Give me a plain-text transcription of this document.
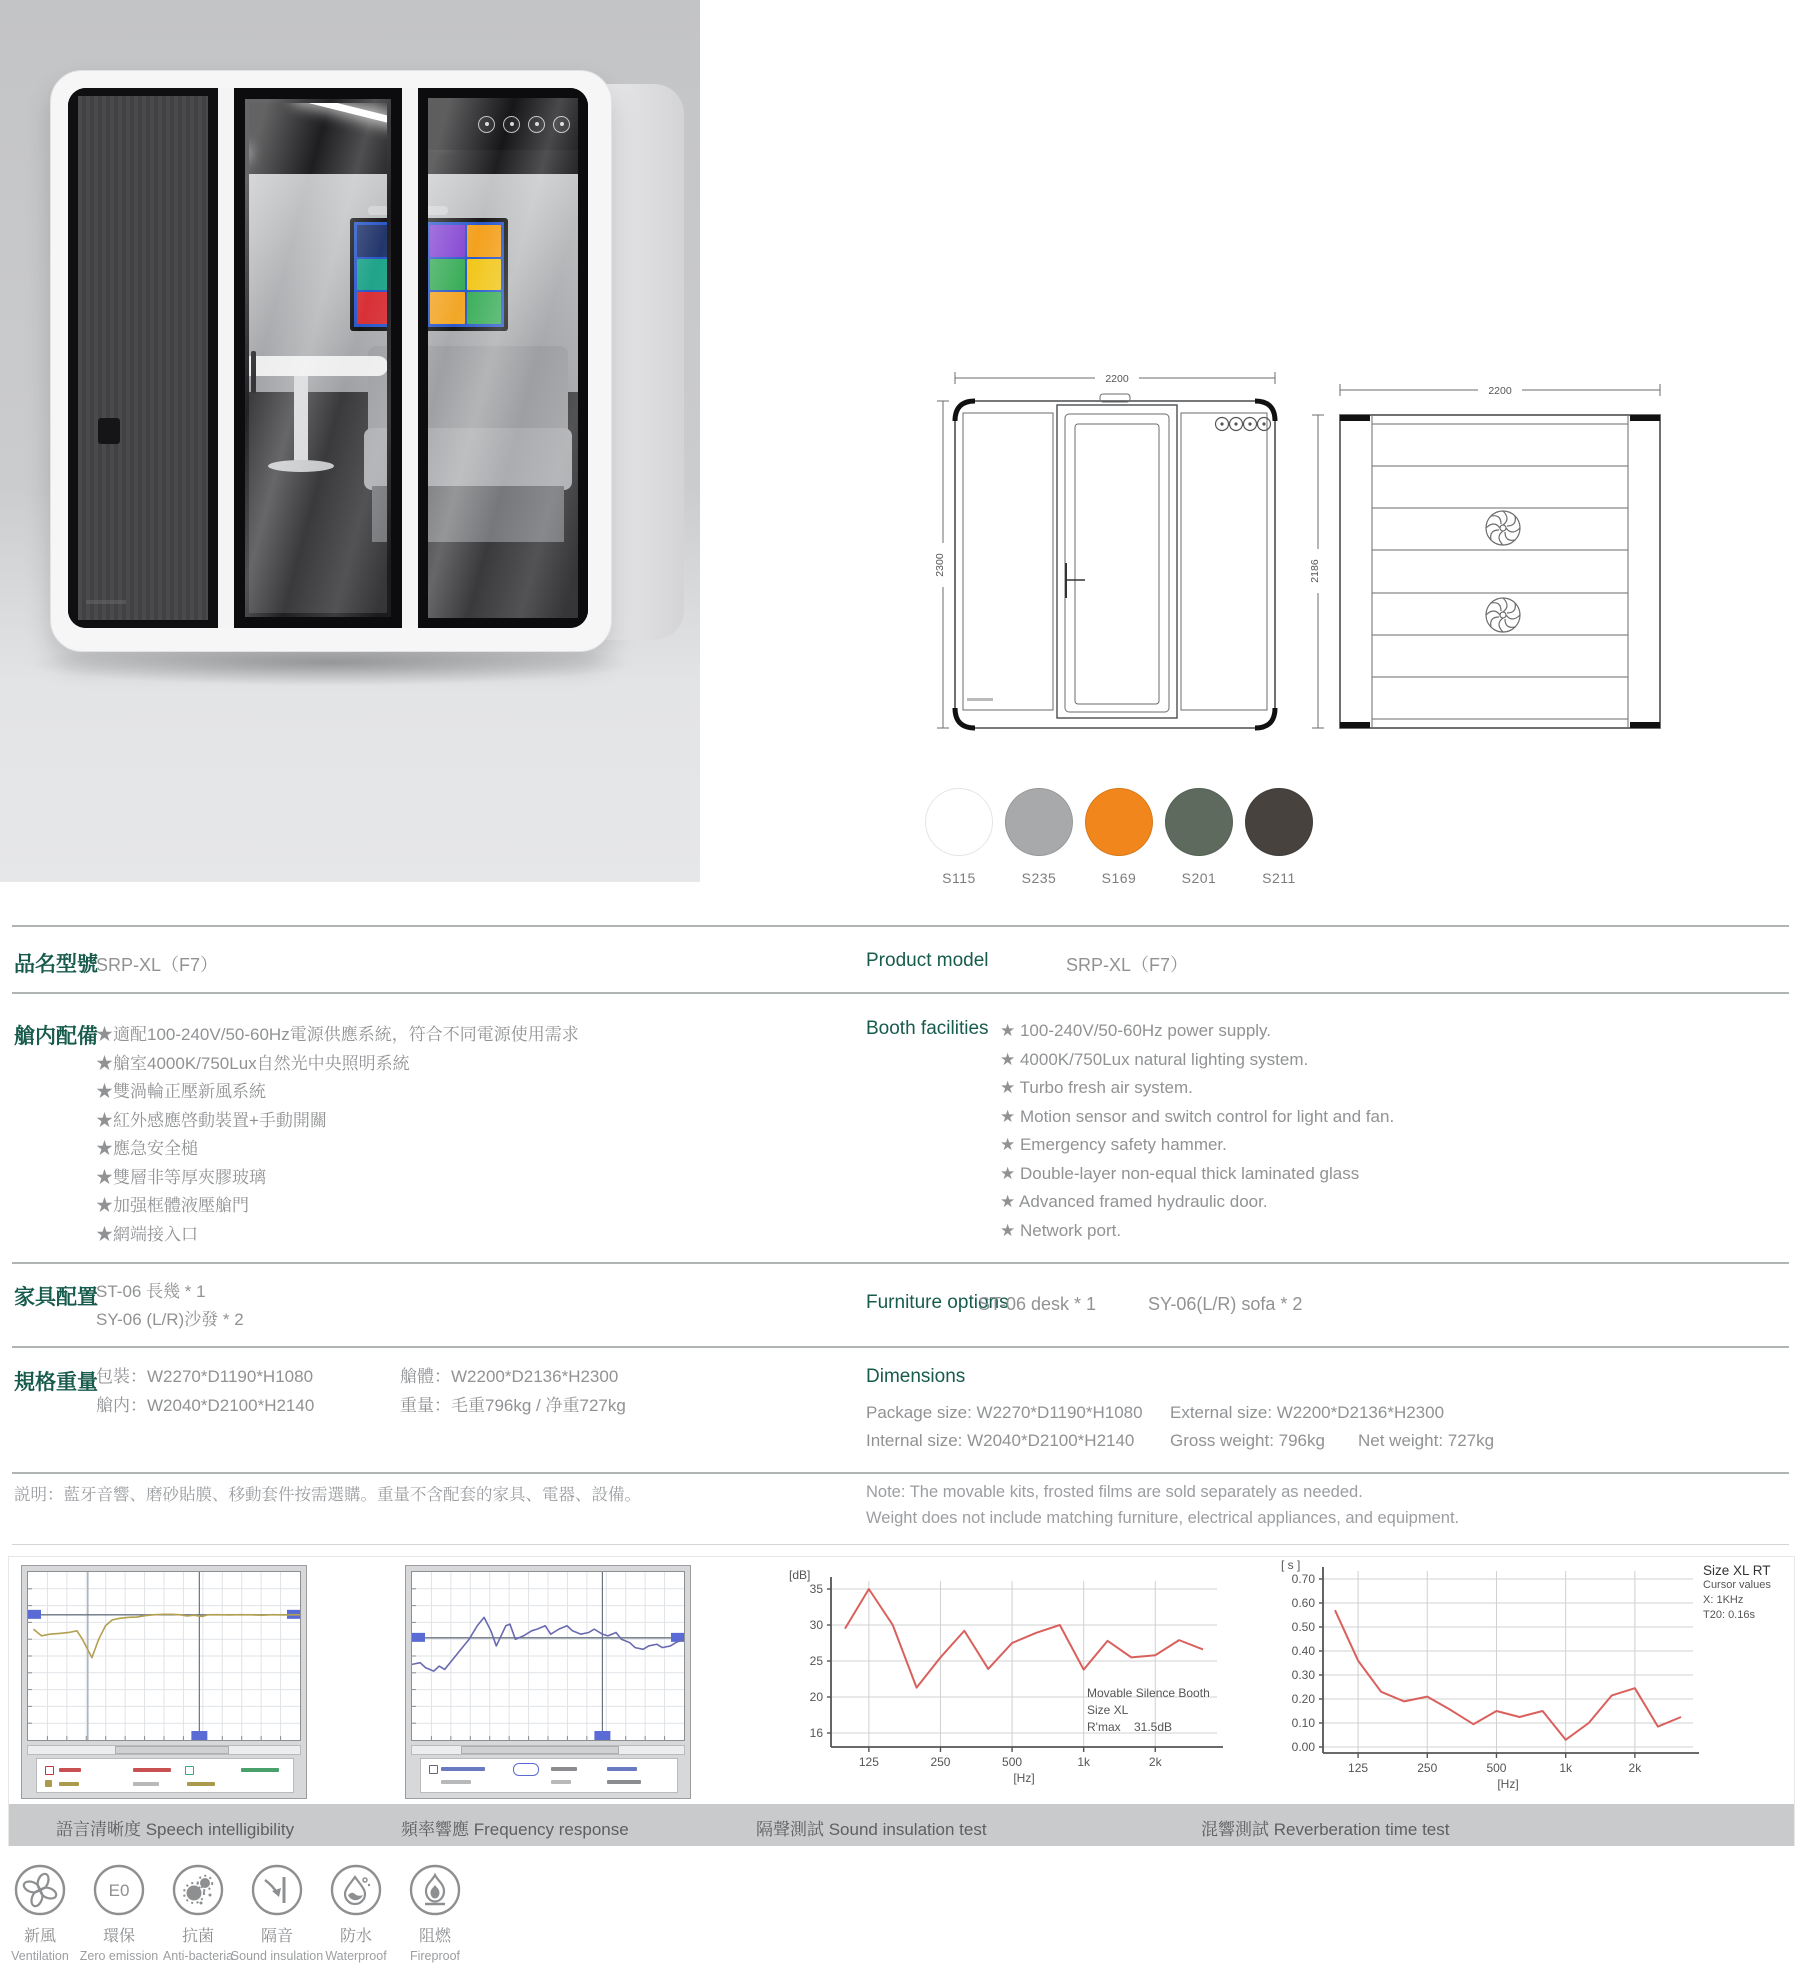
2200
2300
2200
2186
S115	S235	S169	S201	S211
品名型號
SRP-XL（F7）	Product model	SRP-XL（F7）
艙内配備
★適配100-240V/50-60Hz電源供應系統，符合不同電源使用需求
★艙室4000K/750Lux自然光中央照明系統
★雙渦輪正壓新風系統
★紅外感應啓動裝置+手動開關
★應急安全槌
★雙層非等厚夾膠玻璃
★加强框體液壓艙門
★網端接入口
Booth facilities ★ 100-240V/50-60Hz power supply.
★ 4000K/750Lux natural lighting system.
★ Turbo fresh air system.
★ Motion sensor and switch control for light and fan.
★ Emergency safety hammer.
★ Double-layer non-equal thick laminated glass
★ Advanced framed hydraulic door.
★ Network port.
家具配置
ST-06 長幾 * 1
SY-06 (L/R)沙發 * 2
Furniture options
ST-06 desk * 1	SY-06(L/R) sofa * 2
規格重量
包裝：W2270*D1190*H1080	艙體：W2200*D2136*H2300
艙内：W2040*D2100*H2140	重量：毛重796kg / 净重727kg
Dimensions
Package size: W2270*D1190*H1080 External size: W2200*D2136*H2300
Internal size: W2040*D2100*H2140 Gross weight: 796kg Net weight: 727kg
説明：藍牙音響、磨砂貼膜、移動套件按需選購。重量不含配套的家具、電器、設備。	Note: The movable kits, frosted films are sold separately as needed.
Weight does not include matching furniture, electrical appliances, and equipment.
35
30
25
20
16
125	250	500	1k	2k
[dB]
[Hz]
Movable Silence Booth
Size XL
R'max 31.5dB
0.70
0.60
0.50
0.40
0.30
0.20
0.10
0.00
125	250	500	1k	2k
[ s ]
[Hz]
Size XL RT
Cursor values
X: 1KHz
T20: 0.16s
語言清晰度 Speech intelligibility	頻率響應 Frequency response	隔聲測試 Sound insulation test	混響測試 Reverberation time test
新風
Ventilation
E0
環保
Zero emission
抗菌
Anti-bacteria
隔音
Sound insulation
防水
Waterproof
阻燃
Fireproof
